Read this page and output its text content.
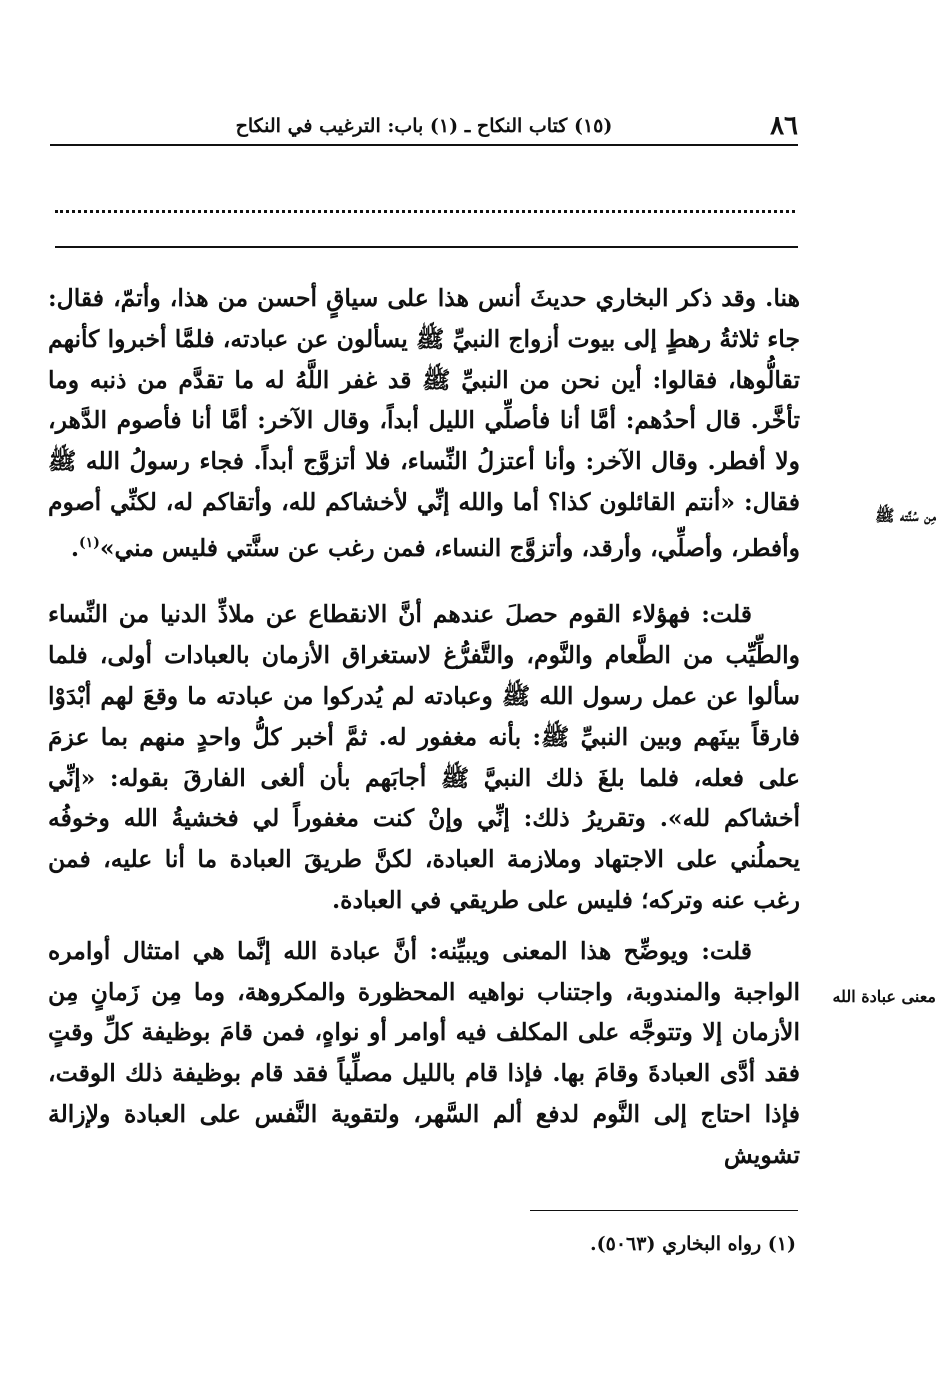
٨٦
(١٥) كتاب النكاح ـ (١) باب: الترغيب في النكاح
مِن سُنَّته ﷺ
معنى عبادة الله

هنا. وقد ذكر البخاري حديثَ أنس هذا على سياقٍ أحسن من هذا، وأتمّ، فقال: جاء ثلاثةُ رهطٍ إلى بيوت أزواج النبيِّ ﷺ يسألون عن عبادته، فلمَّا أخبروا كأنهم تقالُّوها، فقالوا: أين نحن من النبيِّ ﷺ قد غفر اللَّهُ له ما تقدَّم من ذنبه وما تأخَّر. قال أحدُهم: أمَّا أنا فأصلِّي الليل أبداً، وقال الآخر: أمَّا أنا فأصوم الدَّهر، ولا أفطر. وقال الآخر: وأنا أعتزلُ النِّساء، فلا أتزوَّج أبداً. فجاء رسولُ الله ﷺ فقال: «أنتم القائلون كذا؟ أما والله إنِّي لأخشاكم لله، وأتقاكم له، لكنِّي أصوم وأفطر، وأصلِّي، وأرقد، وأتزوَّج النساء، فمن رغب عن سنَّتي فليس مني»$^{(١)}$.

قلت: فهؤلاء القوم حصلَ عندهم أنَّ الانقطاع عن ملاذِّ الدنيا من النِّساء والطِّيِّب من الطَّعام والنَّوم، والتَّفرُّغ لاستغراق الأزمان بالعبادات أولى، فلما سألوا عن عمل رسول الله ﷺ وعبادته لم يُدركوا من عبادته ما وقعَ لهم أبْدَوْا فارقاً بينَهم وبين النبيِّ ﷺ: بأنه مغفور له. ثمَّ أخبر كلُّ واحدٍ منهم بما عزمَ على فعله، فلما بلغَ ذلك النبيَّ ﷺ أجابَهم بأن ألغى الفارقَ بقوله: «إنِّي أخشاكم لله». وتقريرُ ذلك: إنِّي وإنْ كنت مغفوراً لي فخشيةُ الله وخوفُه يحملُني على الاجتهاد وملازمة العبادة، لكنَّ طريقَ العبادة ما أنا عليه، فمن رغب عنه وتركه؛ فليس على طريقي في العبادة.

قلت: ويوضِّح هذا المعنى ويبيِّنه: أنَّ عبادة الله إنَّما هي امتثال أوامره الواجبة والمندوبة، واجتناب نواهيه المحظورة والمكروهة، وما مِن زَمانٍ مِن الأزمان إلا وتتوجَّه على المكلف فيه أوامر أو نواهٍ، فمن قامَ بوظيفة كلِّ وقتٍ فقد أدَّى العبادةَ وقامَ بها. فإذا قام بالليل مصلِّياً فقد قام بوظيفة ذلك الوقت، فإذا احتاج إلى النَّوم لدفع ألم السَّهر، ولتقوية النَّفس على العبادة ولإزالة تشويش

(١) رواه البخاري (٥٠٦٣).
